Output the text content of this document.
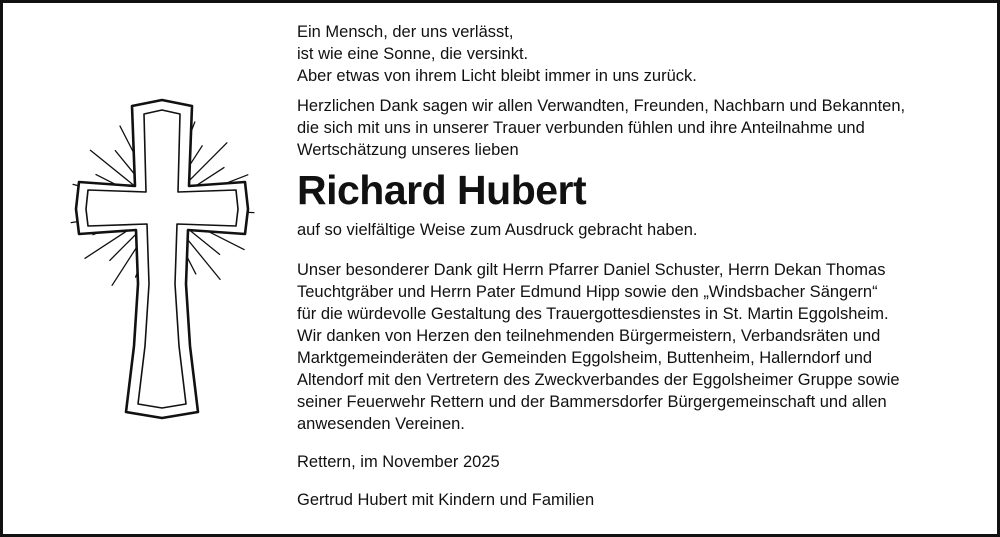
Ein Mensch, der uns verlässt,
ist wie eine Sonne, die versinkt.
Aber etwas von ihrem Licht bleibt immer in uns zurück.
Herzlichen Dank sagen wir allen Verwandten, Freunden, Nachbarn und Bekannten,
die sich mit uns in unserer Trauer verbunden fühlen und ihre Anteilnahme und
Wertschätzung unseres lieben
Richard Hubert
auf so vielfältige Weise zum Ausdruck gebracht haben.
Unser besonderer Dank gilt Herrn Pfarrer Daniel Schuster, Herrn Dekan Thomas
Teuchtgräber und Herrn Pater Edmund Hipp sowie den „Windsbacher Sängern“
für die würdevolle Gestaltung des Trauergottesdienstes in St. Martin Eggolsheim.
Wir danken von Herzen den teilnehmenden Bürgermeistern, Verbandsräten und
Marktgemeinderäten der Gemeinden Eggolsheim, Buttenheim, Hallerndorf und
Altendorf mit den Vertretern des Zweckverbandes der Eggolsheimer Gruppe sowie
seiner Feuerwehr Rettern und der Bammersdorfer Bürgergemeinschaft und allen
anwesenden Vereinen.
Rettern, im November 2025
Gertrud Hubert mit Kindern und Familien
